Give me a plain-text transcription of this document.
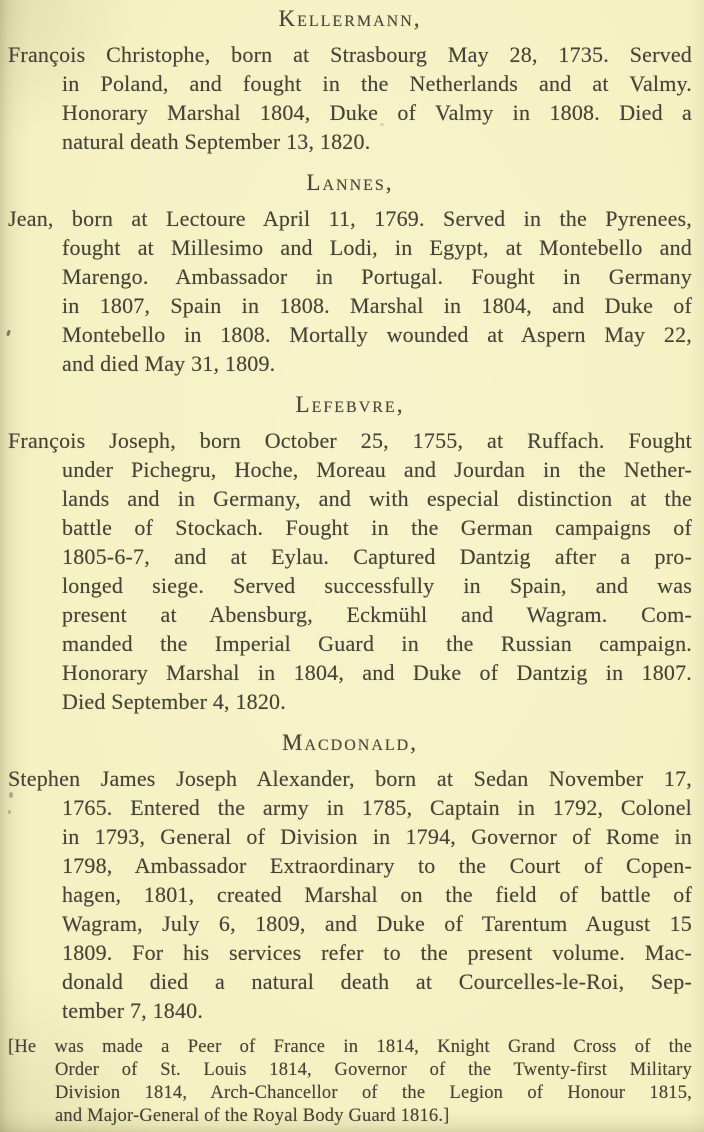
Kellermann,
François Christophe, born at Strasbourg May 28, 1735. Served
in Poland, and fought in the Netherlands and at Valmy.
Honorary Marshal 1804, Duke of Valmy in 1808. Died a
natural death September 13, 1820.
Lannes,
Jean, born at Lectoure April 11, 1769. Served in the Pyrenees,
fought at Millesimo and Lodi, in Egypt, at Montebello and
Marengo. Ambassador in Portugal. Fought in Germany
in 1807, Spain in 1808. Marshal in 1804, and Duke of
Montebello in 1808. Mortally wounded at Aspern May 22,
and died May 31, 1809.
Lefebvre,
François Joseph, born October 25, 1755, at Ruffach. Fought
under Pichegru, Hoche, Moreau and Jourdan in the Nether-
lands and in Germany, and with especial distinction at the
battle of Stockach. Fought in the German campaigns of
1805-6-7, and at Eylau. Captured Dantzig after a pro-
longed siege. Served successfully in Spain, and was
present at Abensburg, Eckmühl and Wagram. Com-
manded the Imperial Guard in the Russian campaign.
Honorary Marshal in 1804, and Duke of Dantzig in 1807.
Died September 4, 1820.
Macdonald,
Stephen James Joseph Alexander, born at Sedan November 17,
1765. Entered the army in 1785, Captain in 1792, Colonel
in 1793, General of Division in 1794, Governor of Rome in
1798, Ambassador Extraordinary to the Court of Copen-
hagen, 1801, created Marshal on the field of battle of
Wagram, July 6, 1809, and Duke of Tarentum August 15
1809. For his services refer to the present volume. Mac-
donald died a natural death at Courcelles-le-Roi, Sep-
tember 7, 1840.
[He was made a Peer of France in 1814, Knight Grand Cross of the
Order of St. Louis 1814, Governor of the Twenty-first Military
Division 1814, Arch-Chancellor of the Legion of Honour 1815,
and Major-General of the Royal Body Guard 1816.]
